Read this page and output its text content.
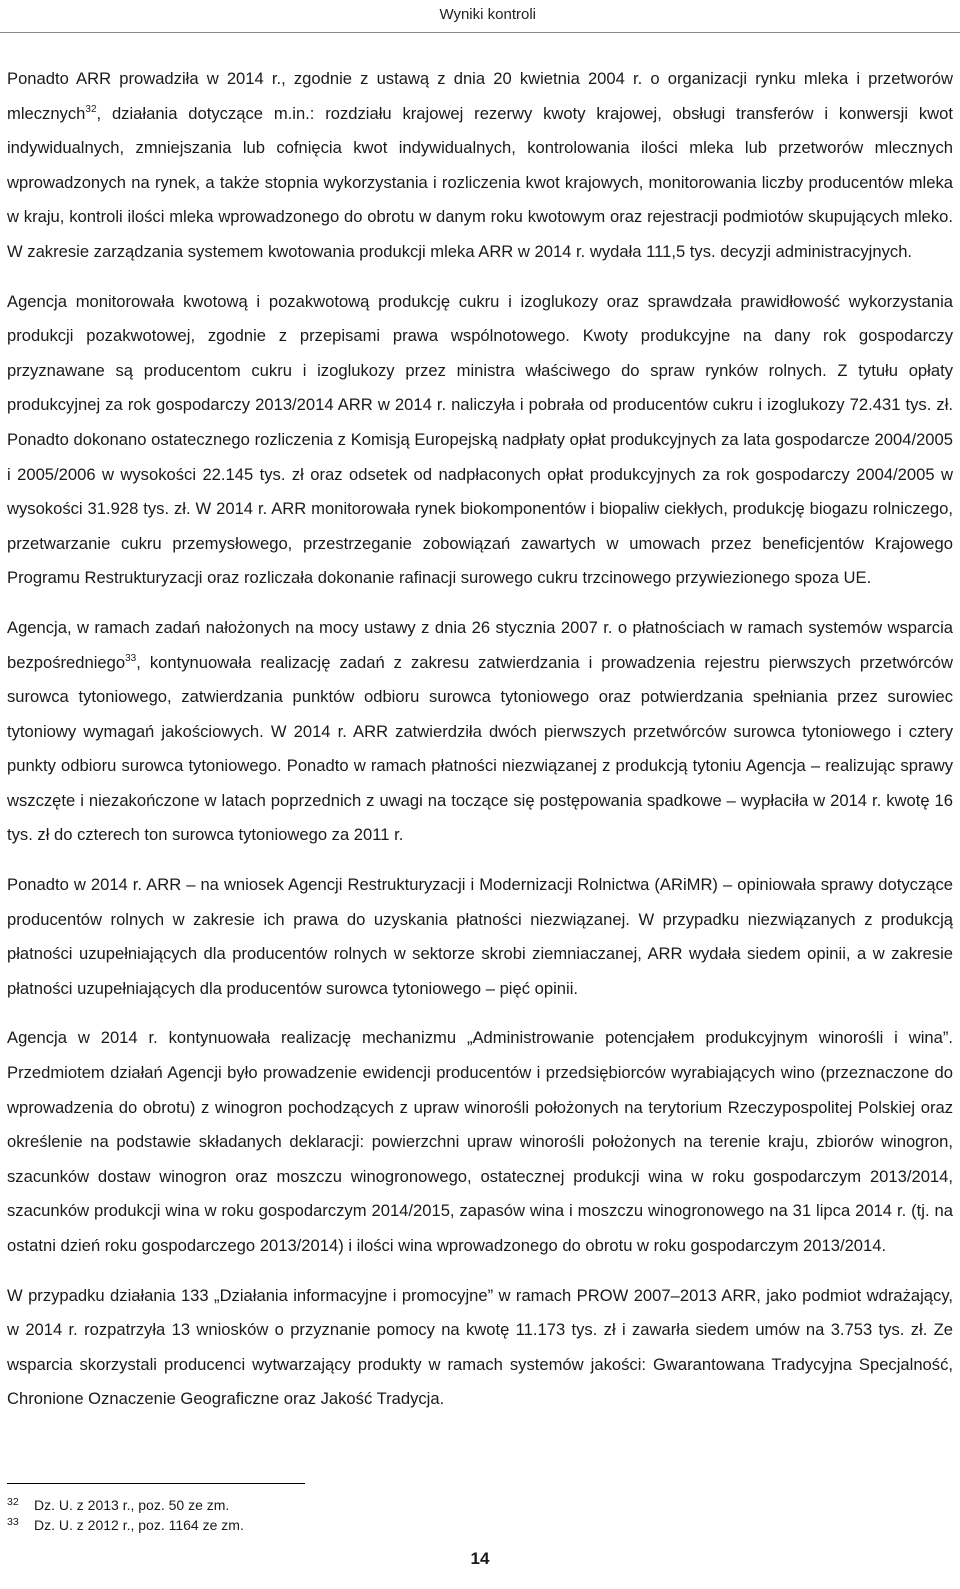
Wyniki kontroli

Ponadto ARR prowadziła w 2014 r., zgodnie z ustawą z dnia 20 kwietnia 2004 r. o organizacji rynku mleka i przetworów mlecznych$^{32}$, działania dotyczące m.in.: rozdziału krajowej rezerwy kwoty krajowej, obsługi transferów i konwersji kwot indywidualnych, zmniejszania lub cofnięcia kwot indywidualnych, kontrolowania ilości mleka lub przetworów mlecznych wprowadzonych na rynek, a także stopnia wykorzystania i rozliczenia kwot krajowych, monitorowania liczby producentów mleka w kraju, kontroli ilości mleka wprowadzonego do obrotu w danym roku kwotowym oraz rejestracji podmiotów skupujących mleko. W zakresie zarządzania systemem kwotowania produkcji mleka ARR w 2014 r. wydała 111,5 tys. decyzji administracyjnych.

Agencja monitorowała kwotową i pozakwotową produkcję cukru i izoglukozy oraz sprawdzała prawidłowość wykorzystania produkcji pozakwotowej, zgodnie z przepisami prawa wspólnotowego. Kwoty produkcyjne na dany rok gospodarczy przyznawane są producentom cukru i izoglukozy przez ministra właściwego do spraw rynków rolnych. Z tytułu opłaty produkcyjnej za rok gospodarczy 2013/2014 ARR w 2014 r. naliczyła i pobrała od producentów cukru i izoglukozy 72.431 tys. zł. Ponadto dokonano ostatecznego rozliczenia z Komisją Europejską nadpłaty opłat produkcyjnych za lata gospodarcze 2004/2005 i 2005/2006 w wysokości 22.145 tys. zł oraz odsetek od nadpłaconych opłat produkcyjnych za rok gospodarczy 2004/2005 w wysokości 31.928 tys. zł. W 2014 r. ARR monitorowała rynek biokomponentów i biopaliw ciekłych, produkcję biogazu rolniczego, przetwarzanie cukru przemysłowego, przestrzeganie zobowiązań zawartych w umowach przez beneficjentów Krajowego Programu Restrukturyzacji oraz rozliczała dokonanie rafinacji surowego cukru trzcinowego przywiezionego spoza UE.

Agencja, w ramach zadań nałożonych na mocy ustawy z dnia 26 stycznia 2007 r. o płatnościach w ramach systemów wsparcia bezpośredniego$^{33}$, kontynuowała realizację zadań z zakresu zatwierdzania i prowadzenia rejestru pierwszych przetwórców surowca tytoniowego, zatwierdzania punktów odbioru surowca tytoniowego oraz potwierdzania spełniania przez surowiec tytoniowy wymagań jakościowych. W 2014 r. ARR zatwierdziła dwóch pierwszych przetwórców surowca tytoniowego i cztery punkty odbioru surowca tytoniowego. Ponadto w ramach płatności niezwiązanej z produkcją tytoniu Agencja – realizując sprawy wszczęte i niezakończone w latach poprzednich z uwagi na toczące się postępowania spadkowe – wypłaciła w 2014 r. kwotę 16 tys. zł do czterech ton surowca tytoniowego za 2011 r.

Ponadto w 2014 r. ARR – na wniosek Agencji Restrukturyzacji i Modernizacji Rolnictwa (ARiMR) – opiniowała sprawy dotyczące producentów rolnych w zakresie ich prawa do uzyskania płatności niezwiązanej. W przypadku niezwiązanych z produkcją płatności uzupełniających dla producentów rolnych w sektorze skrobi ziemniaczanej, ARR wydała siedem opinii, a w zakresie płatności uzupełniających dla producentów surowca tytoniowego – pięć opinii.

Agencja w 2014 r. kontynuowała realizację mechanizmu „Administrowanie potencjałem produkcyjnym winorośli i wina”. Przedmiotem działań Agencji było prowadzenie ewidencji producentów i przedsiębiorców wyrabiających wino (przeznaczone do wprowadzenia do obrotu) z winogron pochodzących z upraw winorośli położonych na terytorium Rzeczypospolitej Polskiej oraz określenie na podstawie składanych deklaracji: powierzchni upraw winorośli położonych na terenie kraju, zbiorów winogron, szacunków dostaw winogron oraz moszczu winogronowego, ostatecznej produkcji wina w roku gospodarczym 2013/2014, szacunków produkcji wina w roku gospodarczym 2014/2015, zapasów wina i moszczu winogronowego na 31 lipca 2014 r. (tj. na ostatni dzień roku gospodarczego 2013/2014) i ilości wina wprowadzonego do obrotu w roku gospodarczym 2013/2014.

W przypadku działania 133 „Działania informacyjne i promocyjne” w ramach PROW 2007–2013 ARR, jako podmiot wdrażający, w 2014 r. rozpatrzyła 13 wniosków o przyznanie pomocy na kwotę 11.173 tys. zł i zawarła siedem umów na 3.753 tys. zł. Ze wsparcia skorzystali producenci wytwarzający produkty w ramach systemów jakości: Gwarantowana Tradycyjna Specjalność, Chronione Oznaczenie Geograficzne oraz Jakość Tradycja.

32	Dz. U. z 2013 r., poz. 50 ze zm.
33	Dz. U. z 2012 r., poz. 1164 ze zm.
14
